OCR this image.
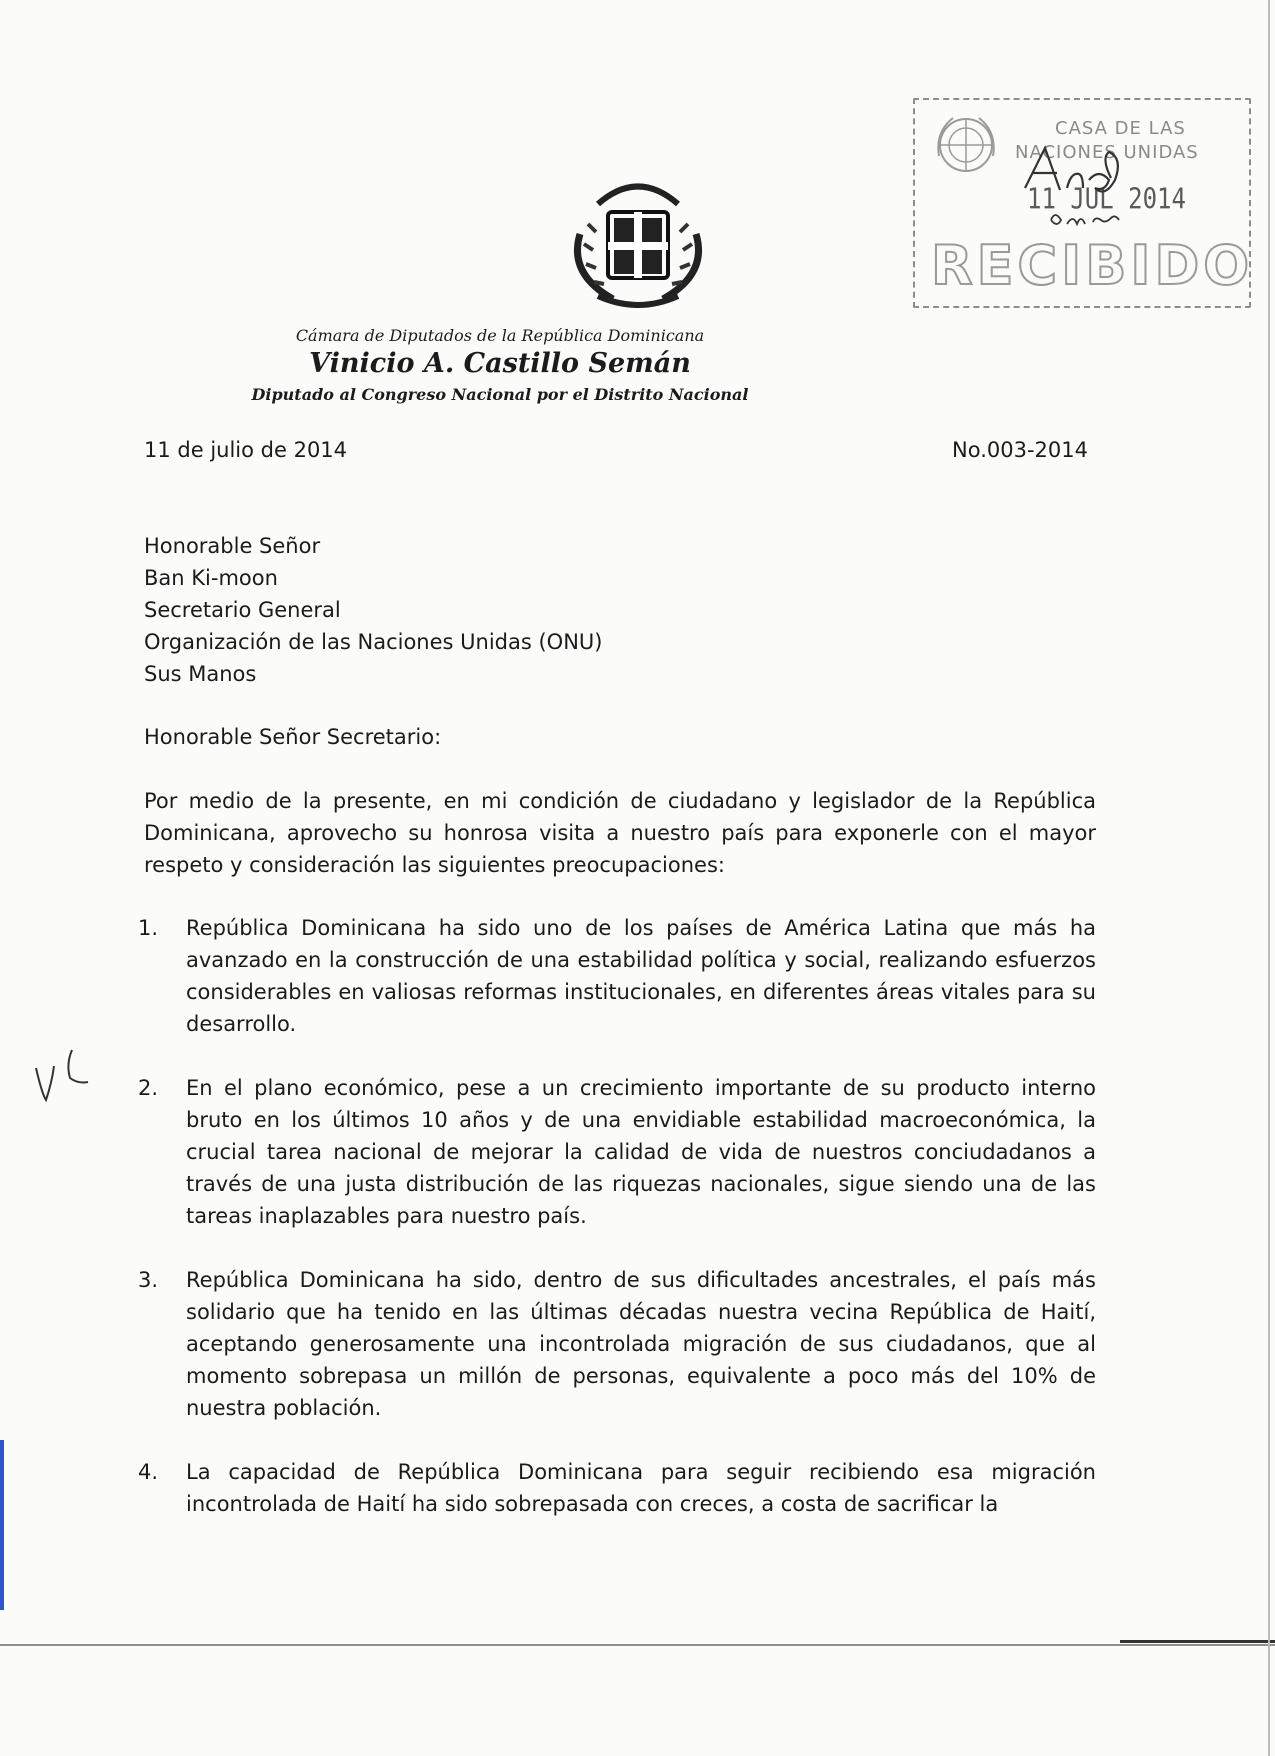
Cámara de Diputados de la República Dominicana
Vinicio A. Castillo Semán
Diputado al Congreso Nacional por el Distrito Nacional
CASA DE LAS
NACIONES UNIDAS
11 JUL 2014
RECIBIDO
11 de julio de 2014	No.003-2014
Honorable Señor
Ban Ki-moon
Secretario General
Organización de las Naciones Unidas (ONU)
Sus Manos
Honorable Señor Secretario:
Por medio de la presente, en mi condición de ciudadano y legislador de la República Dominicana, aprovecho su honrosa visita a nuestro país para exponerle con el mayor respeto y consideración las siguientes preocupaciones:
1. República Dominicana ha sido uno de los países de América Latina que más ha avanzado en la construcción de una estabilidad política y social, realizando esfuerzos considerables en valiosas reformas institucionales, en diferentes áreas vitales para su desarrollo.
2. En el plano económico, pese a un crecimiento importante de su producto interno bruto en los últimos 10 años y de una envidiable estabilidad macroeconómica, la crucial tarea nacional de mejorar la calidad de vida de nuestros conciudadanos a través de una justa distribución de las riquezas nacionales, sigue siendo una de las tareas inaplazables para nuestro país.
3. República Dominicana ha sido, dentro de sus dificultades ancestrales, el país más solidario que ha tenido en las últimas décadas nuestra vecina República de Haití, aceptando generosamente una incontrolada migración de sus ciudadanos, que al momento sobrepasa un millón de personas, equivalente a poco más del 10% de nuestra población.
4. La capacidad de República Dominicana para seguir recibiendo esa migración incontrolada de Haití ha sido sobrepasada con creces, a costa de sacrificar la
